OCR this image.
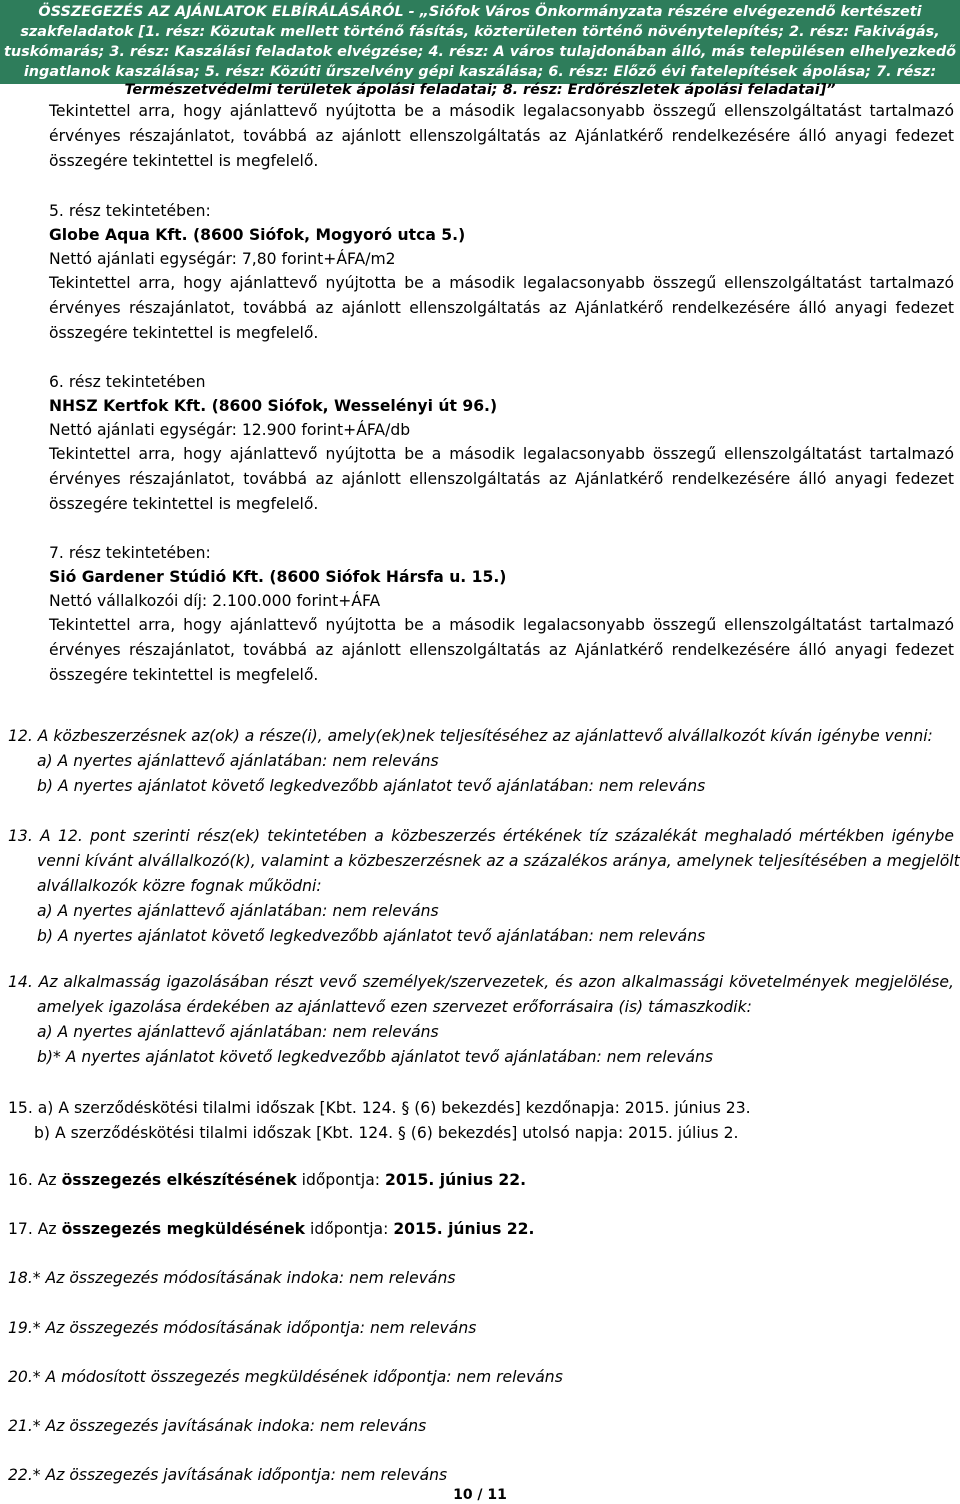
ÖSSZEGEZÉS AZ AJÁNLATOK ELBÍRÁLÁSÁRÓL - „Siófok Város Önkormányzata részére elvégezendő kertészeti
szakfeladatok [1. rész: Közutak mellett történő fásítás, közterületen történő növénytelepítés; 2. rész: Fakivágás,
tuskómarás; 3. rész: Kaszálási feladatok elvégzése; 4. rész: A város tulajdonában álló, más településen elhelyezkedő
ingatlanok kaszálása; 5. rész: Közúti űrszelvény gépi kaszálása; 6. rész: Előző évi fatelepítések ápolása; 7. rész:
Természetvédelmi területek ápolási feladatai; 8. rész: Erdőrészletek ápolási feladatai]”
Tekintettel arra, hogy ajánlattevő nyújtotta be a második legalacsonyabb összegű ellenszolgáltatást tartalmazó
érvényes részajánlatot, továbbá az ajánlott ellenszolgáltatás az Ajánlatkérő rendelkezésére álló anyagi fedezet
összegére tekintettel is megfelelő.
5. rész tekintetében:
Globe Aqua Kft. (8600 Siófok, Mogyoró utca 5.)
Nettó ajánlati egységár: 7,80 forint+ÁFA/m2
Tekintettel arra, hogy ajánlattevő nyújtotta be a második legalacsonyabb összegű ellenszolgáltatást tartalmazó
érvényes részajánlatot, továbbá az ajánlott ellenszolgáltatás az Ajánlatkérő rendelkezésére álló anyagi fedezet
összegére tekintettel is megfelelő.
6. rész tekintetében
NHSZ Kertfok Kft. (8600 Siófok, Wesselényi út 96.)
Nettó ajánlati egységár: 12.900 forint+ÁFA/db
Tekintettel arra, hogy ajánlattevő nyújtotta be a második legalacsonyabb összegű ellenszolgáltatást tartalmazó
érvényes részajánlatot, továbbá az ajánlott ellenszolgáltatás az Ajánlatkérő rendelkezésére álló anyagi fedezet
összegére tekintettel is megfelelő.
7. rész tekintetében:
Sió Gardener Stúdió Kft. (8600 Siófok Hársfa u. 15.)
Nettó vállalkozói díj: 2.100.000 forint+ÁFA
Tekintettel arra, hogy ajánlattevő nyújtotta be a második legalacsonyabb összegű ellenszolgáltatást tartalmazó
érvényes részajánlatot, továbbá az ajánlott ellenszolgáltatás az Ajánlatkérő rendelkezésére álló anyagi fedezet
összegére tekintettel is megfelelő.
12. A közbeszerzésnek az(ok) a része(i), amely(ek)nek teljesítéséhez az ajánlattevő alvállalkozót kíván igénybe venni:
a) A nyertes ajánlattevő ajánlatában: nem releváns
b) A nyertes ajánlatot követő legkedvezőbb ajánlatot tevő ajánlatában: nem releváns
13. A 12. pont szerinti rész(ek) tekintetében a közbeszerzés értékének tíz százalékát meghaladó mértékben igénybe
venni kívánt alvállalkozó(k), valamint a közbeszerzésnek az a százalékos aránya, amelynek teljesítésében a megjelölt
alvállalkozók közre fognak működni:
a) A nyertes ajánlattevő ajánlatában: nem releváns
b) A nyertes ajánlatot követő legkedvezőbb ajánlatot tevő ajánlatában: nem releváns
14. Az alkalmasság igazolásában részt vevő személyek/szervezetek, és azon alkalmassági követelmények megjelölése,
amelyek igazolása érdekében az ajánlattevő ezen szervezet erőforrásaira (is) támaszkodik:
a) A nyertes ajánlattevő ajánlatában: nem releváns
b)* A nyertes ajánlatot követő legkedvezőbb ajánlatot tevő ajánlatában: nem releváns
15. a) A szerződéskötési tilalmi időszak [Kbt. 124. § (6) bekezdés] kezdőnapja: 2015. június 23.
b) A szerződéskötési tilalmi időszak [Kbt. 124. § (6) bekezdés] utolsó napja: 2015. július 2.
16. Az összegezés elkészítésének időpontja: 2015. június 22.
17. Az összegezés megküldésének időpontja: 2015. június 22.
18.* Az összegezés módosításának indoka: nem releváns
19.* Az összegezés módosításának időpontja: nem releváns
20.* A módosított összegezés megküldésének időpontja: nem releváns
21.* Az összegezés javításának indoka: nem releváns
22.* Az összegezés javításának időpontja: nem releváns
10 / 11
